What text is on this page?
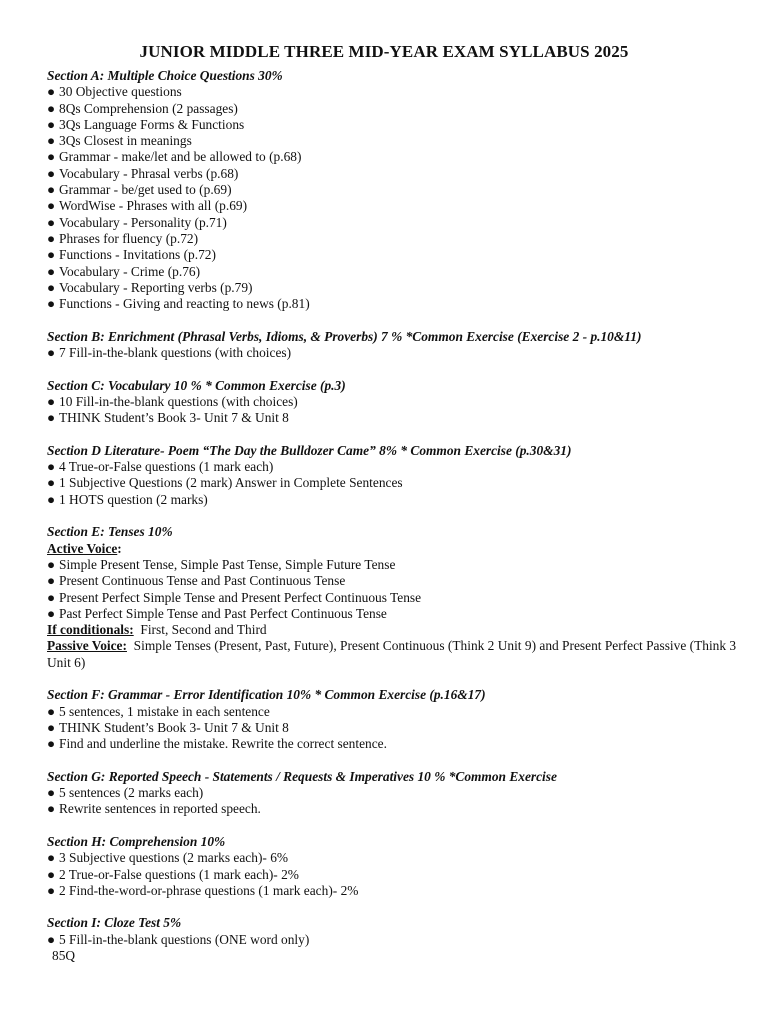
JUNIOR MIDDLE THREE MID-YEAR EXAM SYLLABUS 2025
Section A: Multiple Choice Questions 30%
● 30 Objective questions
● 8Qs Comprehension (2 passages)
● 3Qs Language Forms & Functions
● 3Qs Closest in meanings
● Grammar - make/let and be allowed to (p.68)
● Vocabulary - Phrasal verbs (p.68)
● Grammar - be/get used to (p.69)
● WordWise - Phrases with all (p.69)
● Vocabulary - Personality (p.71)
● Phrases for fluency (p.72)
● Functions - Invitations (p.72)
● Vocabulary - Crime (p.76)
● Vocabulary - Reporting verbs (p.79)
● Functions - Giving and reacting to news (p.81)
Section B: Enrichment (Phrasal Verbs, Idioms, & Proverbs) 7 % *Common Exercise (Exercise 2 - p.10&11)
● 7 Fill-in-the-blank questions (with choices)
Section C: Vocabulary 10 % * Common Exercise (p.3)
● 10 Fill-in-the-blank questions (with choices)
● THINK Student’s Book 3- Unit 7 & Unit 8
Section D Literature- Poem “The Day the Bulldozer Came” 8% * Common Exercise (p.30&31)
● 4 True-or-False questions (1 mark each)
● 1 Subjective Questions (2 mark) Answer in Complete Sentences
● 1 HOTS question (2 marks)
Section E: Tenses 10%
Active Voice:
● Simple Present Tense, Simple Past Tense, Simple Future Tense
● Present Continuous Tense and Past Continuous Tense
● Present Perfect Simple Tense and Present Perfect Continuous Tense
● Past Perfect Simple Tense and Past Perfect Continuous Tense
If conditionals:  First, Second and Third
Passive Voice:  Simple Tenses (Present, Past, Future), Present Continuous (Think 2 Unit 9) and Present Perfect Passive (Think 3 Unit 6)
Section F: Grammar - Error Identification 10% * Common Exercise (p.16&17)
● 5 sentences, 1 mistake in each sentence
● THINK Student’s Book 3- Unit 7 & Unit 8
● Find and underline the mistake. Rewrite the correct sentence.
Section G: Reported Speech - Statements / Requests & Imperatives 10 % *Common Exercise
● 5 sentences (2 marks each)
● Rewrite sentences in reported speech.
Section H: Comprehension 10%
● 3 Subjective questions (2 marks each)- 6%
● 2 True-or-False questions (1 mark each)- 2%
● 2 Find-the-word-or-phrase questions (1 mark each)- 2%
Section I: Cloze Test 5%
● 5 Fill-in-the-blank questions (ONE word only)
85Q
